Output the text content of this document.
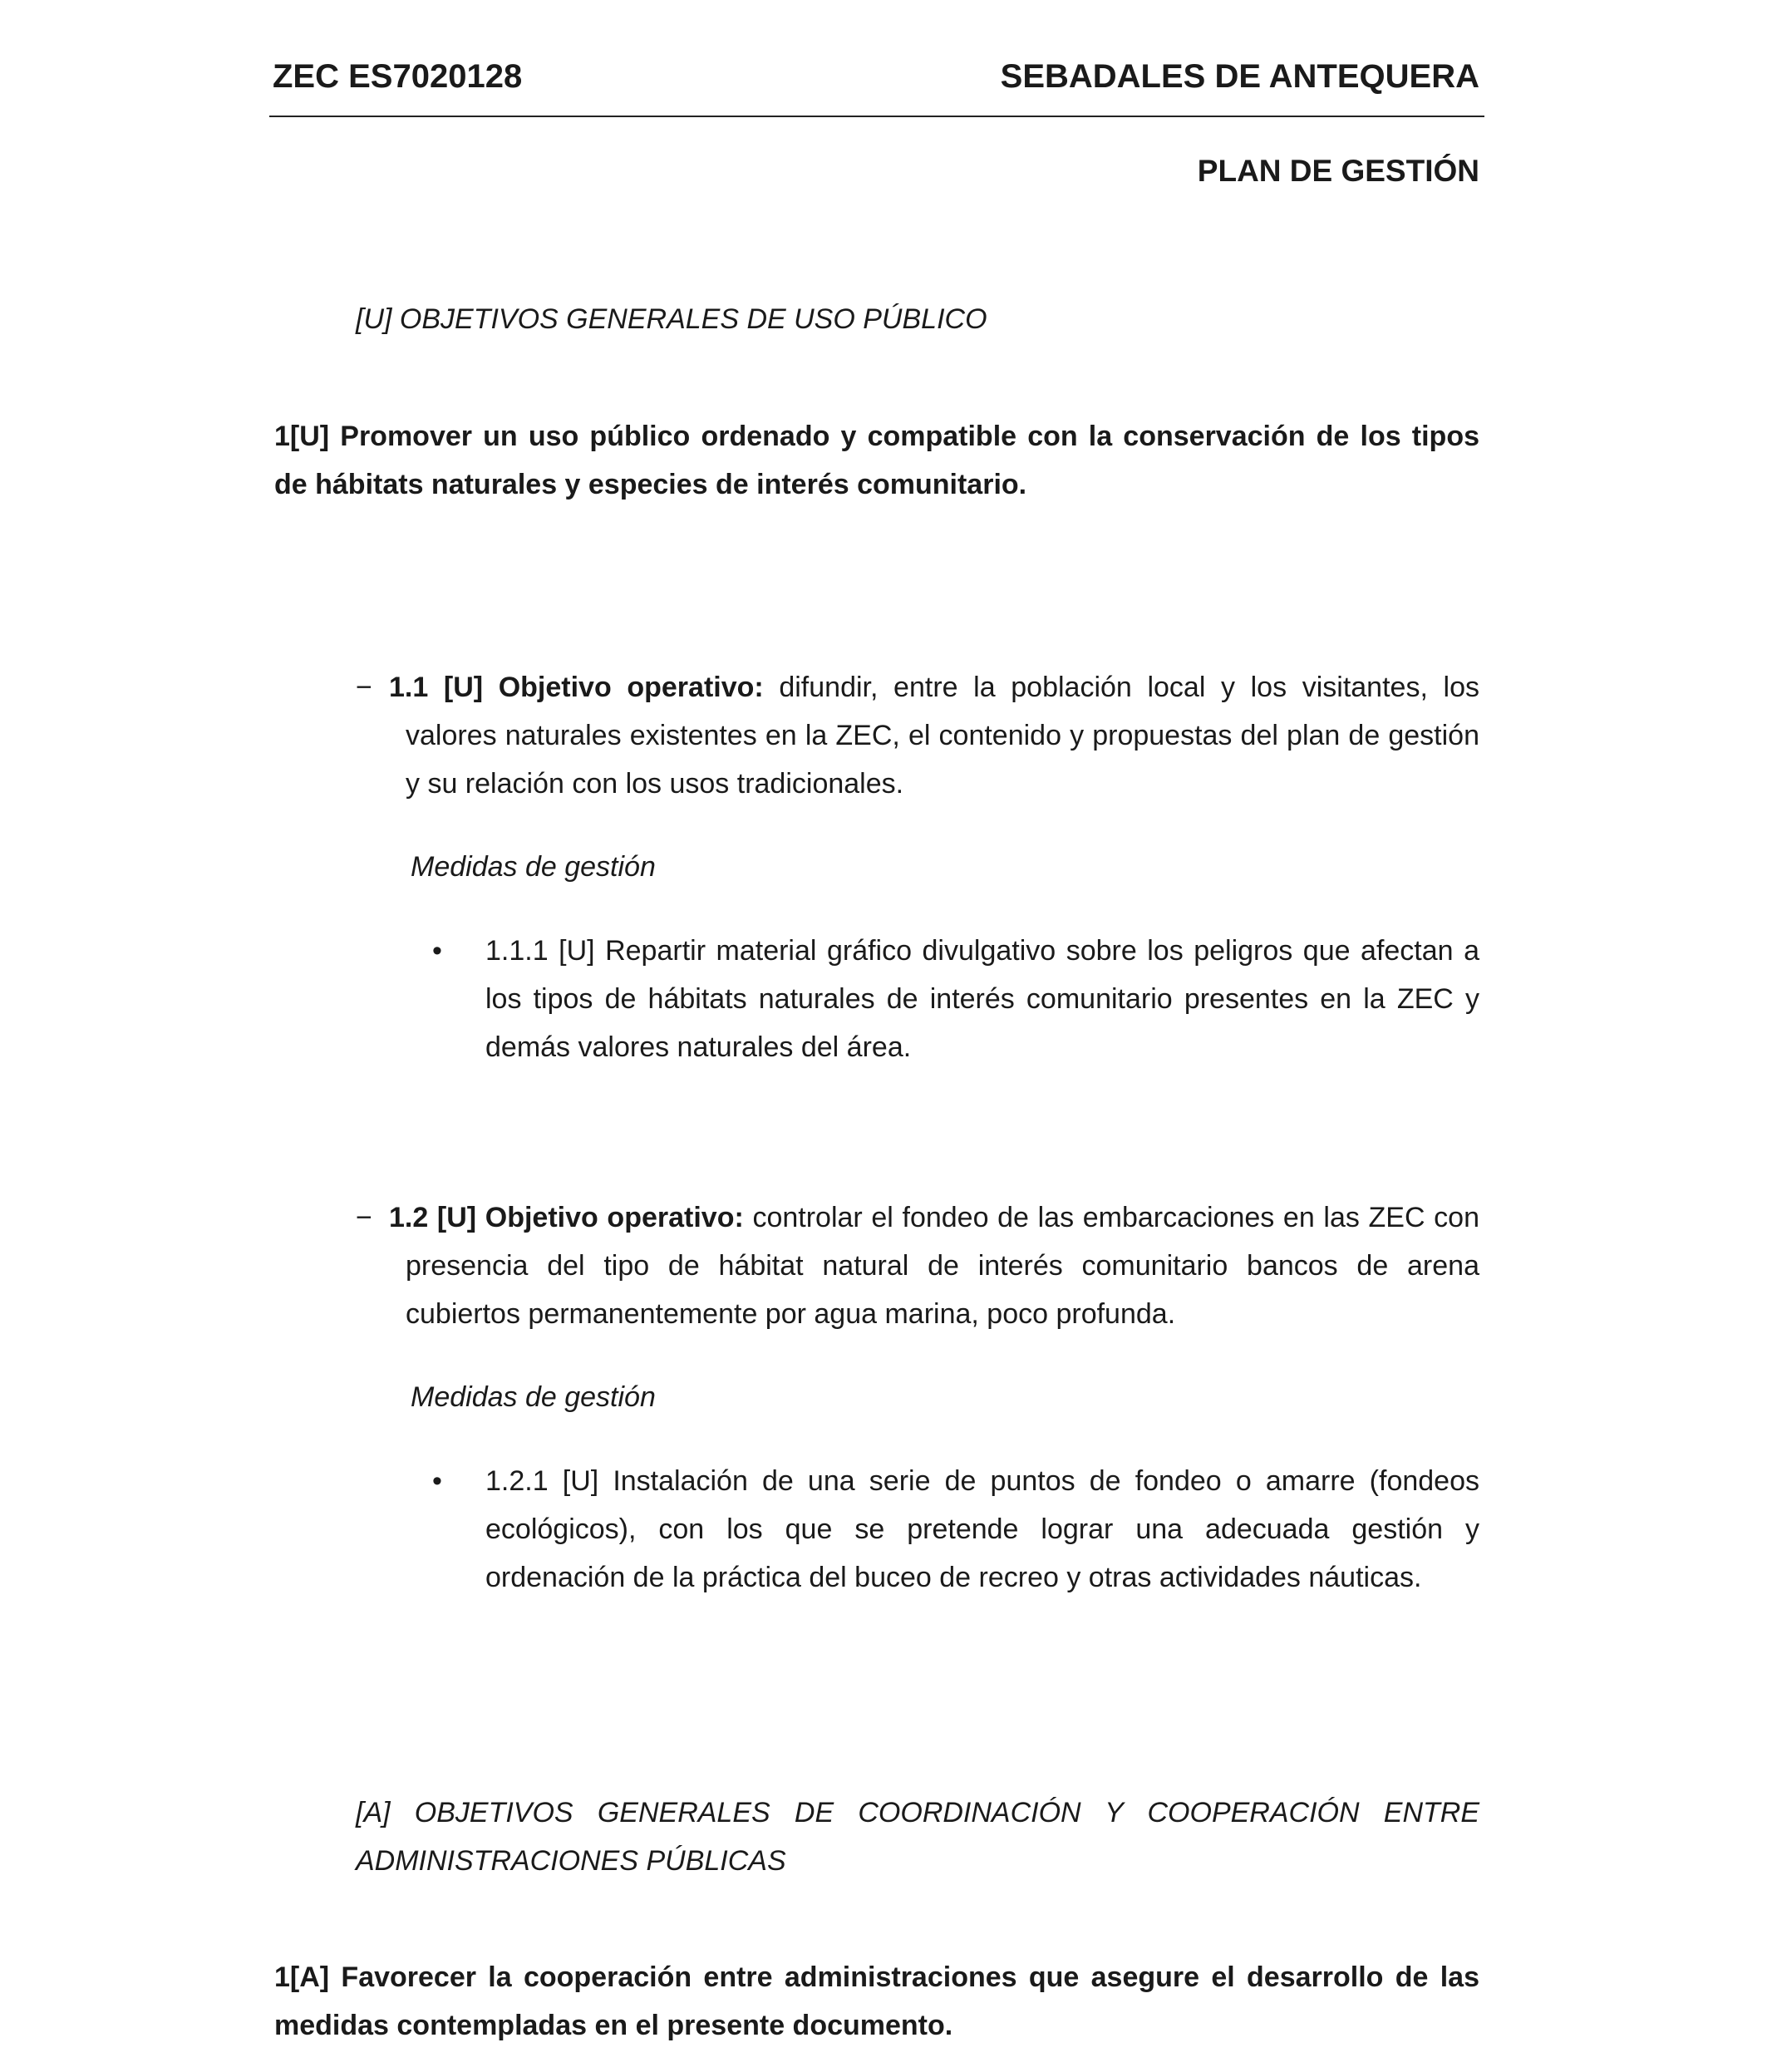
ZEC ES7020128	SEBADALES DE ANTEQUERA
PLAN DE GESTIÓN
[U] OBJETIVOS GENERALES DE USO PÚBLICO
1[U] Promover un uso público ordenado y compatible con la conservación de los tipos de hábitats naturales y especies de interés comunitario.
− 1.1 [U] Objetivo operativo: difundir, entre la población local y los visitantes, los valores naturales existentes en la ZEC, el contenido y propuestas del plan de gestión y su relación con los usos tradicionales.
Medidas de gestión
• 1.1.1 [U] Repartir material gráfico divulgativo sobre los peligros que afectan a los tipos de hábitats naturales de interés comunitario presentes en la ZEC y demás valores naturales del área.
− 1.2 [U] Objetivo operativo: controlar el fondeo de las embarcaciones en las ZEC con presencia del tipo de hábitat natural de interés comunitario bancos de arena cubiertos permanentemente por agua marina, poco profunda.
Medidas de gestión
• 1.2.1 [U] Instalación de una serie de puntos de fondeo o amarre (fondeos ecológicos), con los que se pretende lograr una adecuada gestión y ordenación de la práctica del buceo de recreo y otras actividades náuticas.
[A] OBJETIVOS GENERALES DE COORDINACIÓN Y COOPERACIÓN ENTRE ADMINISTRACIONES PÚBLICAS
1[A] Favorecer la cooperación entre administraciones que asegure el desarrollo de las medidas contempladas en el presente documento.
